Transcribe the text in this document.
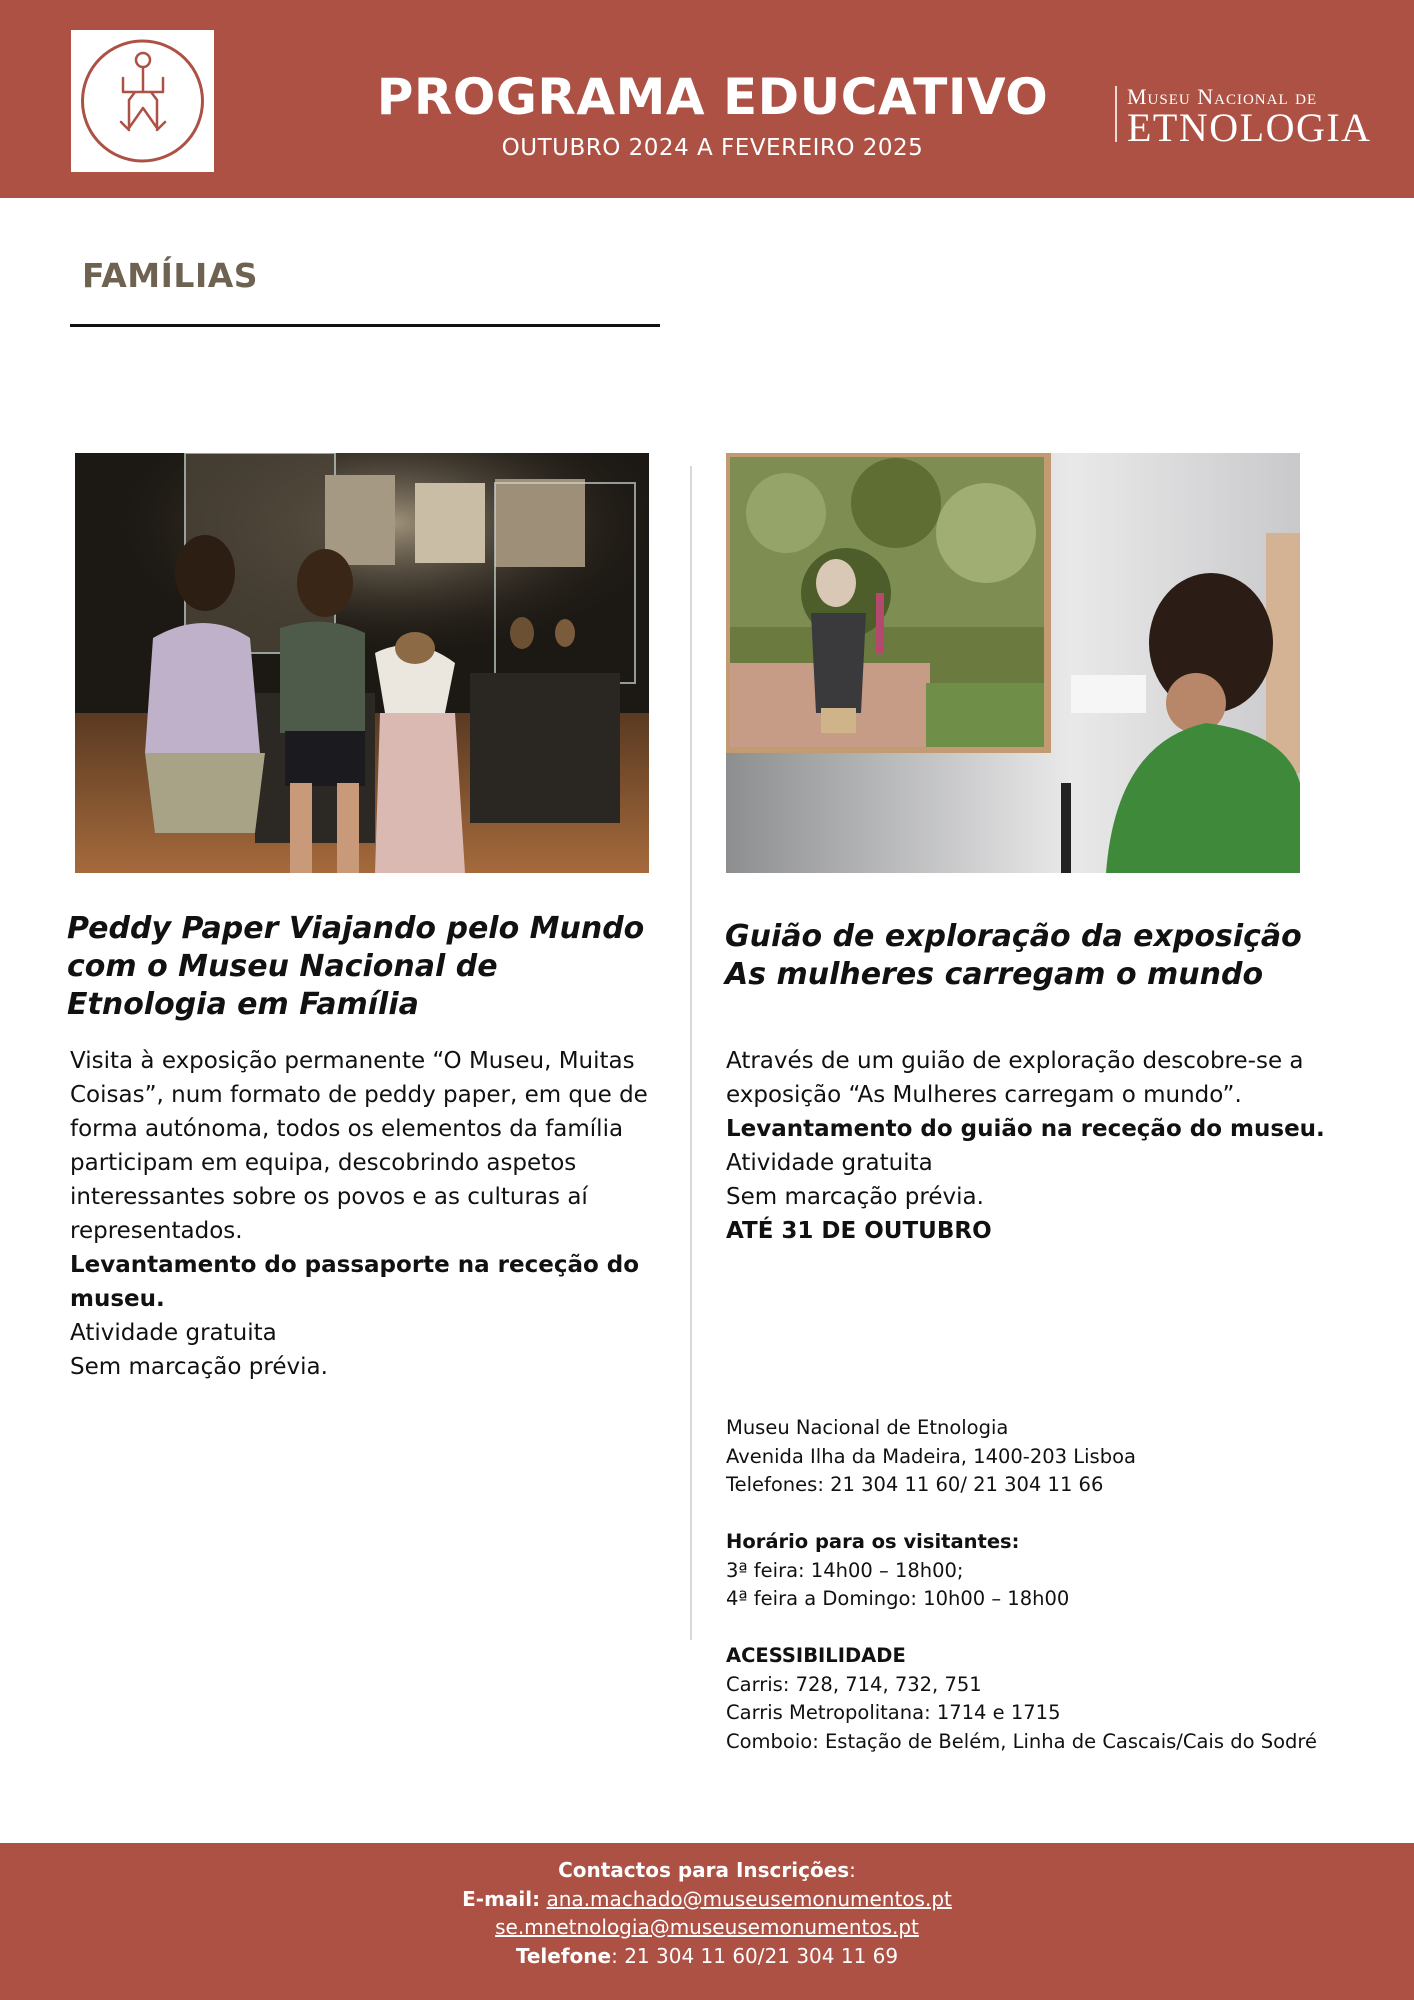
PROGRAMA EDUCATIVO
OUTUBRO 2024 A FEVEREIRO 2025
Museu Nacional de
ETNOLOGIA
FAMÍLIAS
Peddy Paper Viajando pelo Mundo com o Museu Nacional de Etnologia em Família

Visita à exposição permanente “O Museu, Muitas Coisas”, num formato de peddy paper, em que de forma autónoma, todos os elementos da família participam em equipa, descobrindo aspetos interessantes sobre os povos e as culturas aí representados.

Levantamento do passaporte na receção do museu.

Atividade gratuita

Sem marcação prévia.

Guião de exploração da exposição As mulheres carregam o mundo

Através de um guião de exploração descobre-se a exposição “As Mulheres carregam o mundo”.

Levantamento do guião na receção do museu.

Atividade gratuita

Sem marcação prévia.

ATÉ 31 DE OUTUBRO

Museu Nacional de Etnologia

Avenida Ilha da Madeira, 1400-203 Lisboa

Telefones: 21 304 11 60/ 21 304 11 66

Horário para os visitantes:

3ª feira: 14h00 – 18h00;

4ª feira a Domingo: 10h00 – 18h00

ACESSIBILIDADE

Carris: 728, 714, 732, 751

Carris Metropolitana: 1714 e 1715

Comboio: Estação de Belém, Linha de Cascais/Cais do Sodré

Contactos para Inscrições:

E-mail: ana.machado@museusemonumentos.pt

se.mnetnologia@museusemonumentos.pt

Telefone: 21 304 11 60/21 304 11 69
